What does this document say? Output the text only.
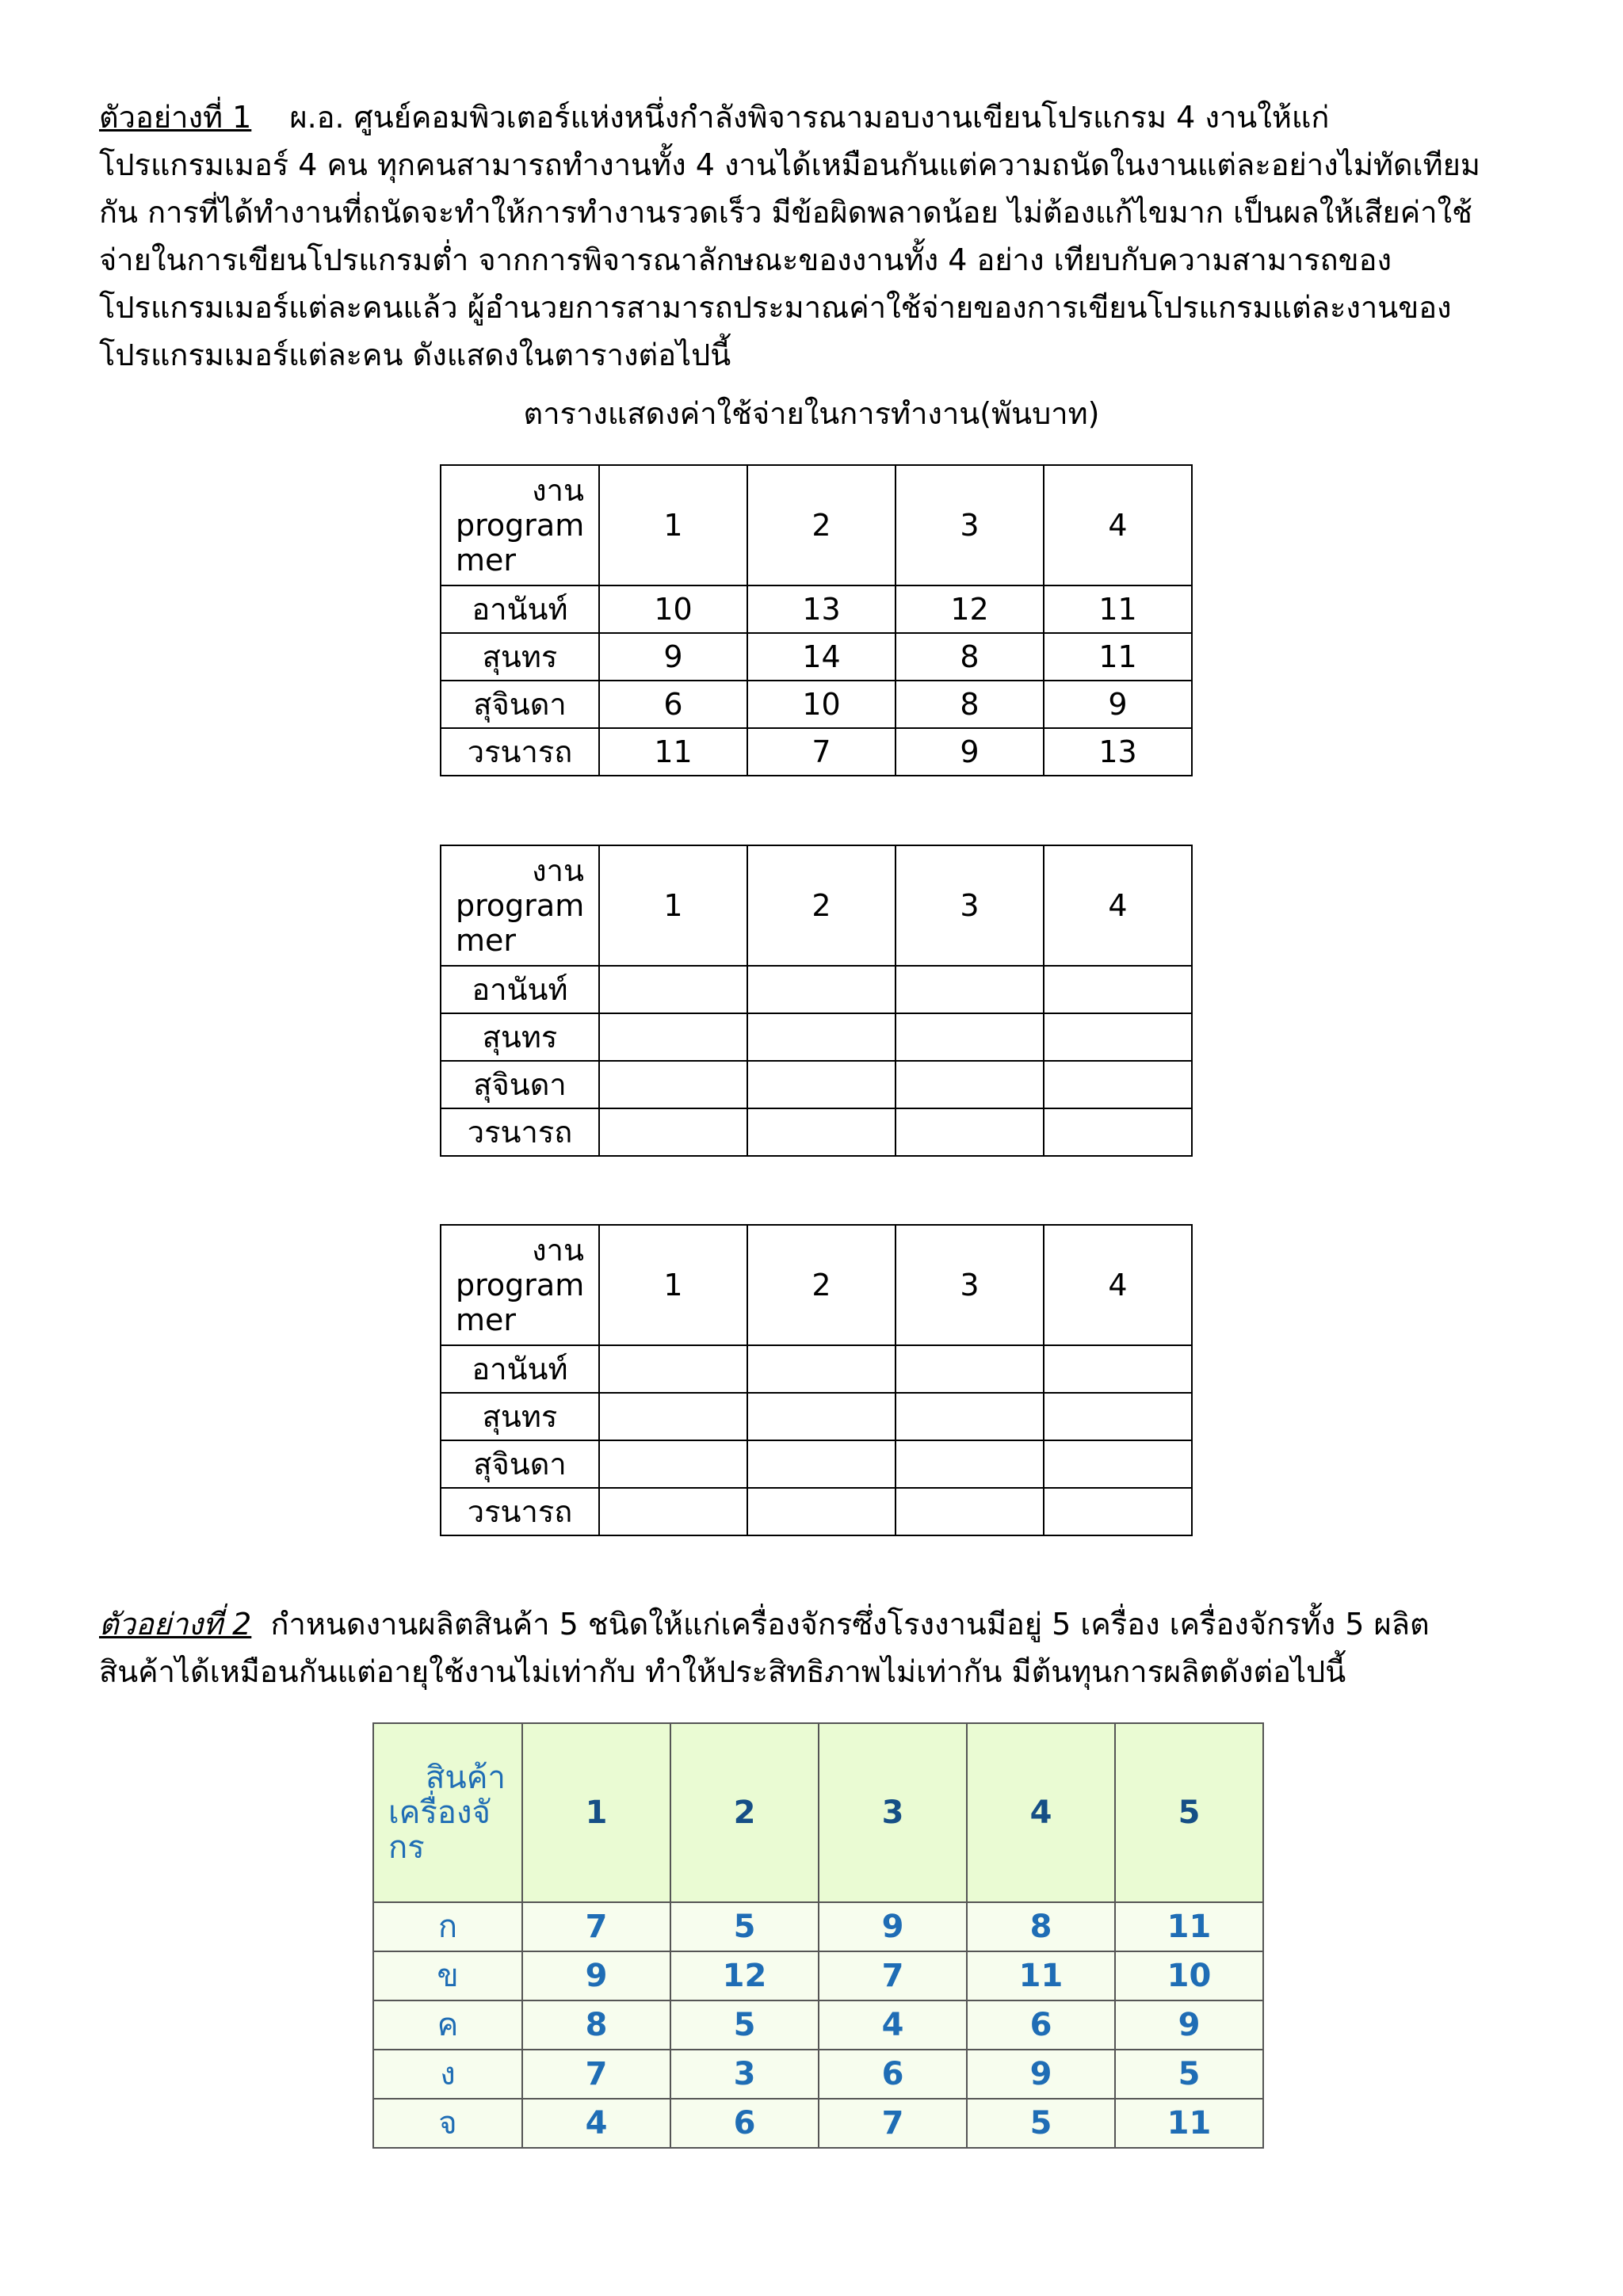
ตัวอย่างที่ 1 ผ.อ. ศูนย์คอมพิวเตอร์แห่งหนึ่งกำลังพิจารณามอบงานเขียนโปรแกรม 4 งานให้แก่
โปรแกรมเมอร์ 4 คน ทุกคนสามารถทำงานทั้ง 4 งานได้เหมือนกันแต่ความถนัดในงานแต่ละอย่างไม่ทัดเทียม
กัน การที่ได้ทำงานที่ถนัดจะทำให้การทำงานรวดเร็ว มีข้อผิดพลาดน้อย ไม่ต้องแก้ไขมาก เป็นผลให้เสียค่าใช้
จ่ายในการเขียนโปรแกรมต่ำ จากการพิจารณาลักษณะของงานทั้ง 4 อย่าง เทียบกับความสามารถของ
โปรแกรมเมอร์แต่ละคนแล้ว ผู้อำนวยการสามารถประมาณค่าใช้จ่ายของการเขียนโปรแกรมแต่ละงานของ
โปรแกรมเมอร์แต่ละคน ดังแสดงในตารางต่อไปนี้
ตารางแสดงค่าใช้จ่ายในการทำงาน(พันบาท)
งาน
program
mer	1	2	3	4
อานันท์	10	13	12	11
สุนทร	9	14	8	11
สุจินดา	6	10	8	9
วรนารถ	11	7	9	13
งาน
program
mer	1	2	3	4
อานันท์				
สุนทร				
สุจินดา				
วรนารถ				
งาน
program
mer	1	2	3	4
อานันท์				
สุนทร				
สุจินดา				
วรนารถ				
ตัวอย่างที่ 2 กำหนดงานผลิตสินค้า 5 ชนิดให้แก่เครื่องจักรซึ่งโรงงานมีอยู่ 5 เครื่อง เครื่องจักรทั้ง 5 ผลิต
สินค้าได้เหมือนกันแต่อายุใช้งานไม่เท่ากับ ทำให้ประสิทธิภาพไม่เท่ากัน มีต้นทุนการผลิตดังต่อไปนี้
สินค้า
เครื่องจั
กร	1	2	3	4	5
ก	7	5	9	8	11
ข	9	12	7	11	10
ค	8	5	4	6	9
ง	7	3	6	9	5
จ	4	6	7	5	11
